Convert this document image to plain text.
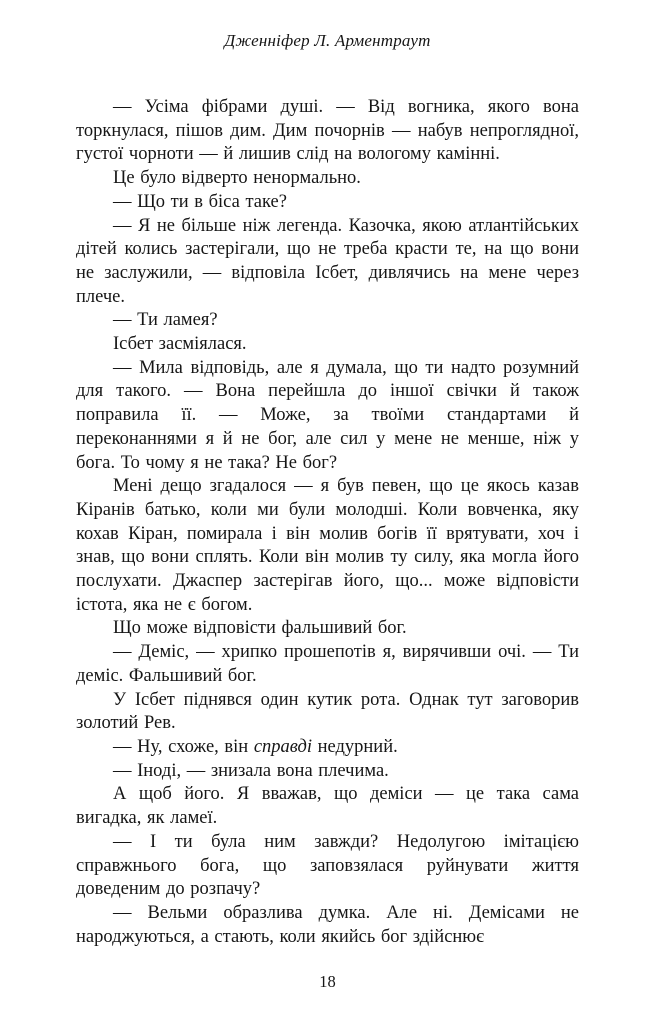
Дженніфер Л. Арментраут

— Усіма фібрами душі. — Від вогника, якого вона торкнулася, пішов дим. Дим почорнів — набув непроглядної, густої чорноти — й лишив слід на вологому камінні.

Це було відверто ненормально.

— Що ти в біса таке?

— Я не більше ніж легенда. Казочка, якою атлантійських дітей колись застерігали, що не треба красти те, на що вони не заслужили, — відповіла Ісбет, дивлячись на мене через плече.

— Ти ламея?

Ісбет засміялася.

— Мила відповідь, але я думала, що ти надто розумний для такого. — Вона перейшла до іншої свічки й також поправила її. — Може, за твоїми стандартами й переконаннями я й не бог, але сил у мене не менше, ніж у бога. То чому я не така? Не бог?

Мені дещо згадалося — я був певен, що це якось казав Кіранів батько, коли ми були молодші. Коли вовченка, яку кохав Кіран, помирала і він молив богів її врятувати, хоч і знав, що вони сплять. Коли він молив ту силу, яка могла його послухати. Джаспер застерігав його, що... може відповісти істота, яка не є богом.

Що може відповісти фальшивий бог.

— Деміс, — хрипко прошепотів я, вирячивши очі. — Ти деміс. Фальшивий бог.

У Ісбет піднявся один кутик рота. Однак тут заговорив золотий Рев.

— Ну, схоже, він справді недурний.

— Іноді, — знизала вона плечима.

А щоб його. Я вважав, що деміси — це така сама вигадка, як ламеї.

— І ти була ним завжди? Недолугою імітацією справжнього бога, що заповзялася руйнувати життя доведеним до розпачу?

— Вельми образлива думка. Але ні. Демісами не народжуються, а стають, коли якийсь бог здійснює

18
